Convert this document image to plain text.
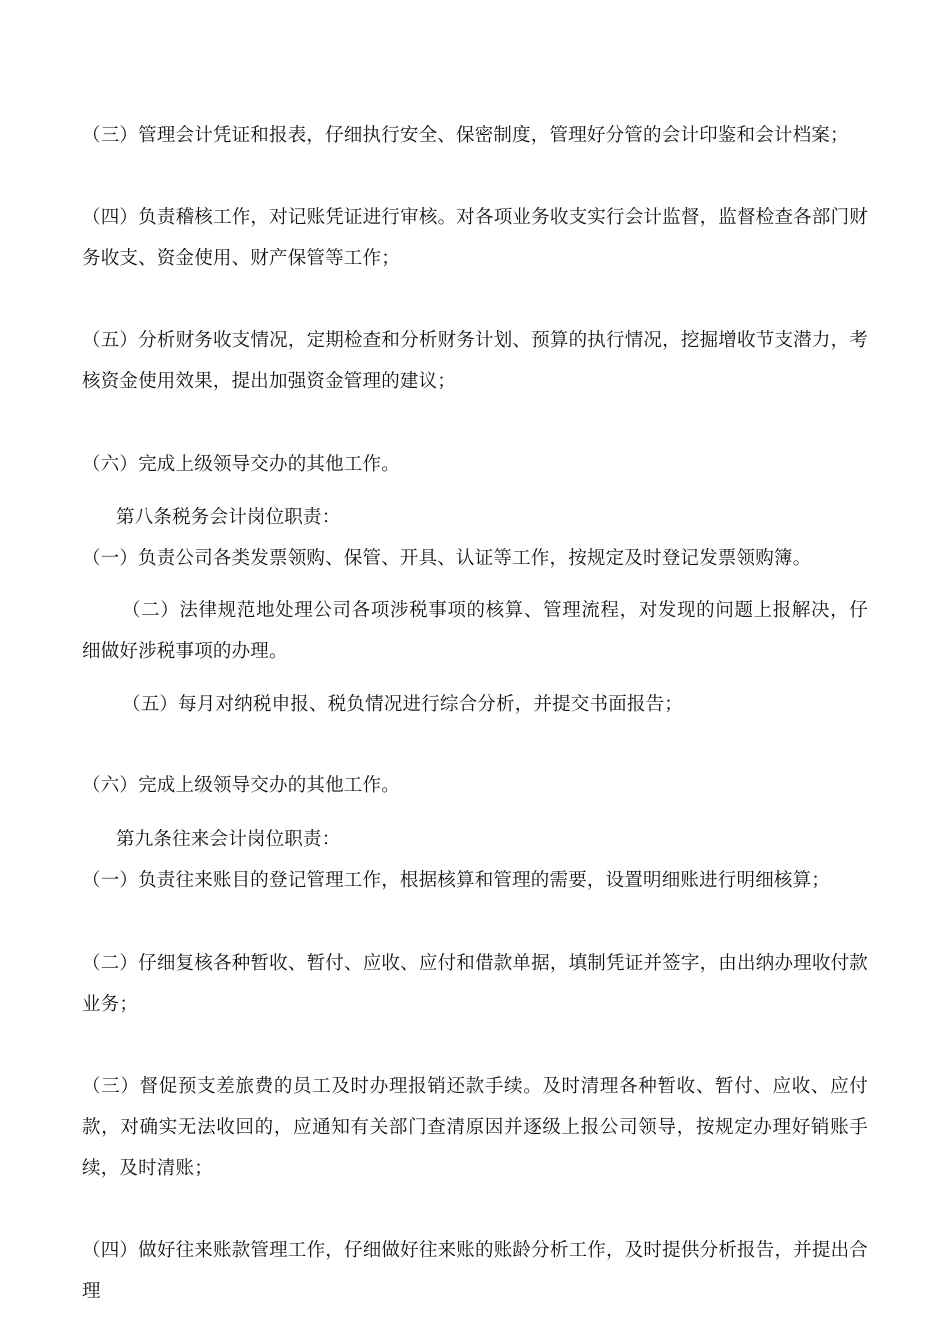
（三）管理会计凭证和报表，仔细执行安全、保密制度，管理好分管的会计印鉴和会计档案；
（四）负责稽核工作，对记账凭证进行审核。对各项业务收支实行会计监督，监督检查各部门财务收支、资金使用、财产保管等工作；
（五）分析财务收支情况，定期检查和分析财务计划、预算的执行情况，挖掘增收节支潜力，考核资金使用效果，提出加强资金管理的建议；
（六）完成上级领导交办的其他工作。
第八条税务会计岗位职责：
（一）负责公司各类发票领购、保管、开具、认证等工作，按规定及时登记发票领购簿。
（二）法律规范地处理公司各项涉税事项的核算、管理流程，对发现的问题上报解决，仔细做好涉税事项的办理。
（五）每月对纳税申报、税负情况进行综合分析，并提交书面报告；
（六）完成上级领导交办的其他工作。
第九条往来会计岗位职责：
（一）负责往来账目的登记管理工作，根据核算和管理的需要，设置明细账进行明细核算；
（二）仔细复核各种暂收、暂付、应收、应付和借款单据，填制凭证并签字，由出纳办理收付款业务；
（三）督促预支差旅费的员工及时办理报销还款手续。及时清理各种暂收、暂付、应收、应付款，对确实无法收回的，应通知有关部门查清原因并逐级上报公司领导，按规定办理好销账手续，及时清账；
（四）做好往来账款管理工作，仔细做好往来账的账龄分析工作，及时提供分析报告，并提出合理
